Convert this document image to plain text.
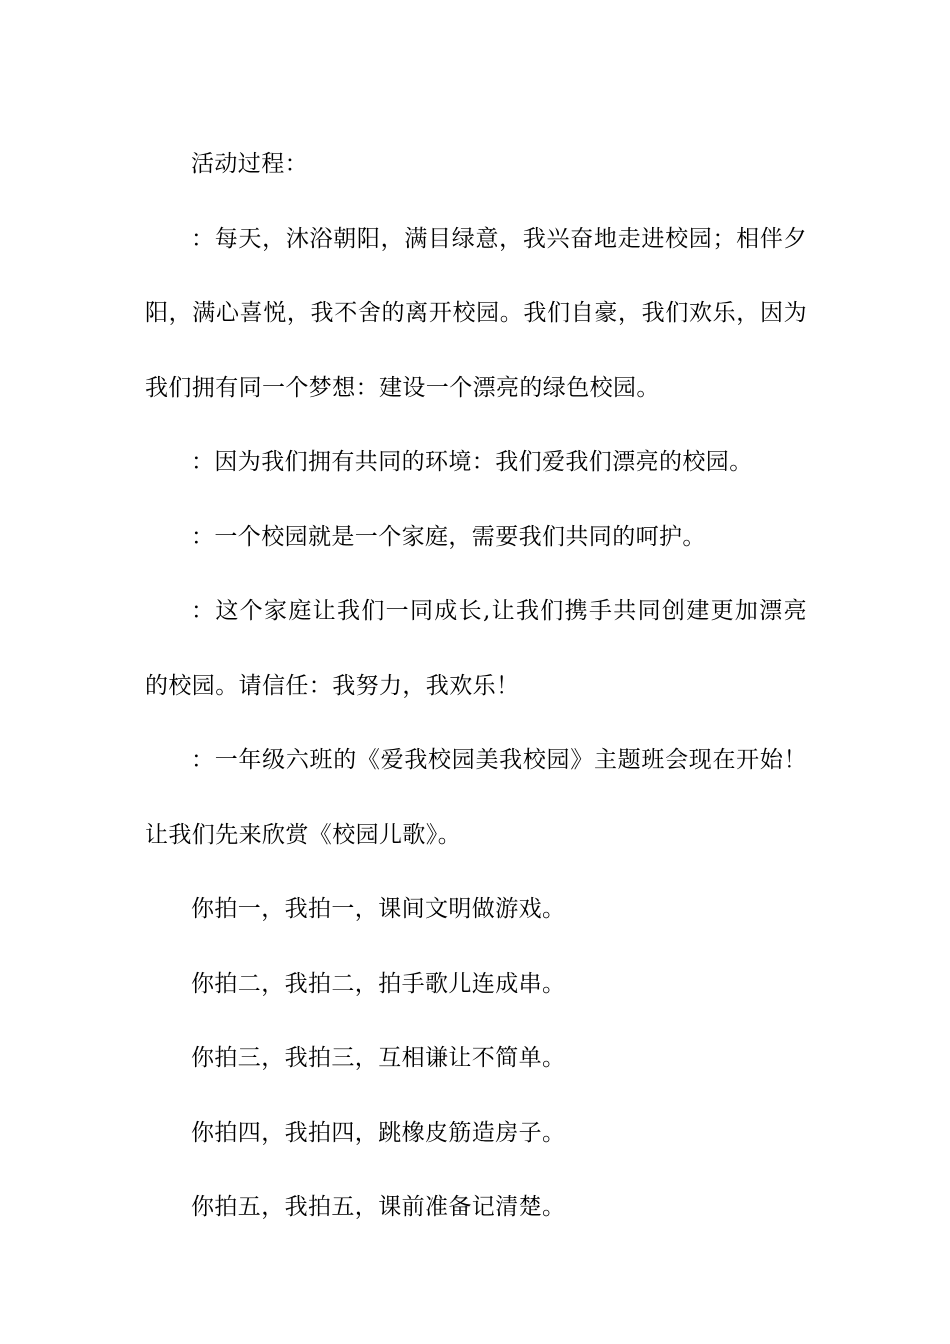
活动过程：

：每天，沐浴朝阳，满目绿意，我兴奋地走进校园；相伴夕阳，满心喜悦，我不舍的离开校园。我们自豪，我们欢乐，因为我们拥有同一个梦想：建设一个漂亮的绿色校园。

：因为我们拥有共同的环境：我们爱我们漂亮的校园。

：一个校园就是一个家庭，需要我们共同的呵护。

：这个家庭让我们一同成长,让我们携手共同创建更加漂亮的校园。请信任：我努力，我欢乐！

：一年级六班的《爱我校园美我校园》主题班会现在开始！让我们先来欣赏《校园儿歌》。

你拍一，我拍一，课间文明做游戏。

你拍二，我拍二，拍手歌儿连成串。

你拍三，我拍三，互相谦让不简单。

你拍四，我拍四，跳橡皮筋造房子。

你拍五，我拍五，课前准备记清楚。
